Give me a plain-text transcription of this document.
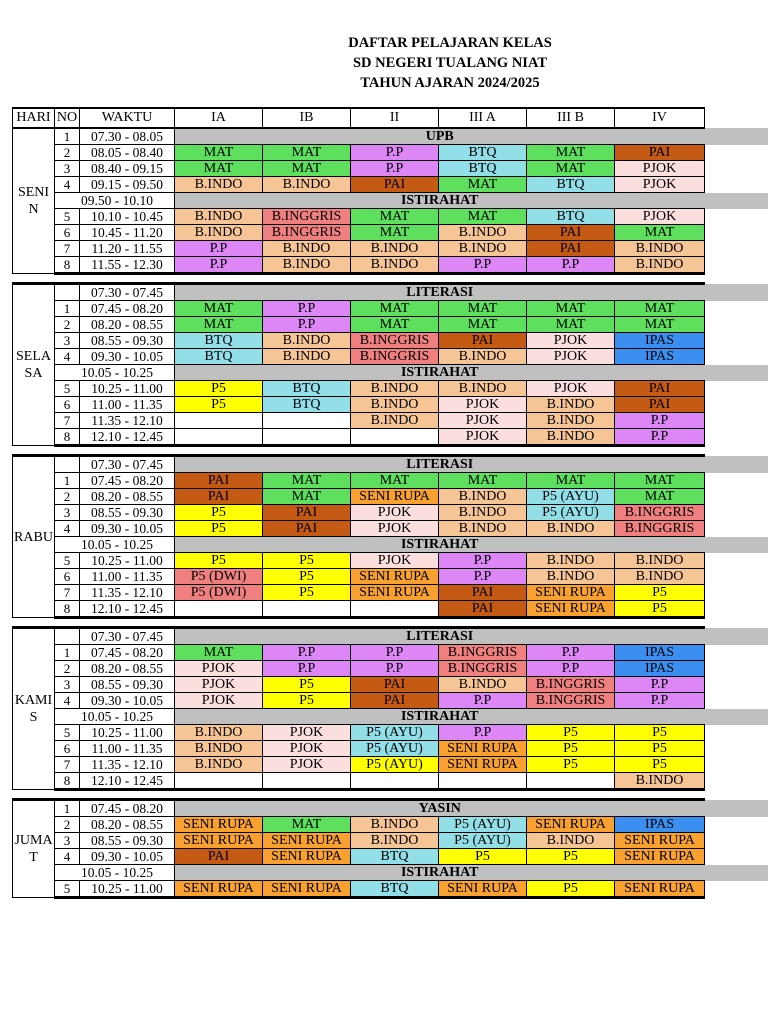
DAFTAR PELAJARAN KELAS
SD NEGERI TUALANG NIAT
TAHUN AJARAN 2024/2025
HARI	NO	WAKTU	IA	IB	II	III A	III B	IV
SENIN	1	07.30 - 08.05	UPB					
	2	08.05 - 08.40	MAT	MAT	P.P	BTQ	MAT	PAI
	3	08.40 - 09.15	MAT	MAT	P.P	BTQ	MAT	PJOK
	4	09.15 - 09.50	B.INDO	B.INDO	PAI	MAT	BTQ	PJOK
	09.50 - 10.10		ISTIRAHAT					
	5	10.10 - 10.45	B.INDO	B.INGGRIS	MAT	MAT	BTQ	PJOK
	6	10.45 - 11.20	B.INDO	B.INGGRIS	MAT	B.INDO	PAI	MAT
	7	11.20 - 11.55	P.P	B.INDO	B.INDO	B.INDO	PAI	B.INDO
	8	11.55 - 12.30	P.P	B.INDO	B.INDO	P.P	P.P	B.INDO

SELASA		07.30 - 07.45	LITERASI					
	1	07.45 - 08.20	MAT	P.P	MAT	MAT	MAT	MAT
	2	08.20 - 08.55	MAT	P.P	MAT	MAT	MAT	MAT
	3	08.55 - 09.30	BTQ	B.INDO	B.INGGRIS	PAI	PJOK	IPAS
	4	09.30 - 10.05	BTQ	B.INDO	B.INGGRIS	B.INDO	PJOK	IPAS
	10.05 - 10.25		ISTIRAHAT					
	5	10.25 - 11.00	P5	BTQ	B.INDO	B.INDO	PJOK	PAI
	6	11.00 - 11.35	P5	BTQ	B.INDO	PJOK	B.INDO	PAI
	7	11.35 - 12.10			B.INDO	PJOK	B.INDO	P.P
	8	12.10 - 12.45				PJOK	B.INDO	P.P

RABU		07.30 - 07.45	LITERASI					
	1	07.45 - 08.20	PAI	MAT	MAT	MAT	MAT	MAT
	2	08.20 - 08.55	PAI	MAT	SENI RUPA	B.INDO	P5 (AYU)	MAT
	3	08.55 - 09.30	P5	PAI	PJOK	B.INDO	P5 (AYU)	B.INGGRIS
	4	09.30 - 10.05	P5	PAI	PJOK	B.INDO	B.INDO	B.INGGRIS
	10.05 - 10.25		ISTIRAHAT					
	5	10.25 - 11.00	P5	P5	PJOK	P.P	B.INDO	B.INDO
	6	11.00 - 11.35	P5 (DWI)	P5	SENI RUPA	P.P	B.INDO	B.INDO
	7	11.35 - 12.10	P5 (DWI)	P5	SENI RUPA	PAI	SENI RUPA	P5
	8	12.10 - 12.45				PAI	SENI RUPA	P5

KAMIS		07.30 - 07.45	LITERASI					
	1	07.45 - 08.20	MAT	P.P	P.P	B.INGGRIS	P.P	IPAS
	2	08.20 - 08.55	PJOK	P.P	P.P	B.INGGRIS	P.P	IPAS
	3	08.55 - 09.30	PJOK	P5	PAI	B.INDO	B.INGGRIS	P.P
	4	09.30 - 10.05	PJOK	P5	PAI	P.P	B.INGGRIS	P.P
	10.05 - 10.25		ISTIRAHAT					
	5	10.25 - 11.00	B.INDO	PJOK	P5 (AYU)	P.P	P5	P5
	6	11.00 - 11.35	B.INDO	PJOK	P5 (AYU)	SENI RUPA	P5	P5
	7	11.35 - 12.10	B.INDO	PJOK	P5 (AYU)	SENI RUPA	P5	P5
	8	12.10 - 12.45						B.INDO

JUMAT	1	07.45 - 08.20	YASIN					
	2	08.20 - 08.55	SENI RUPA	MAT	B.INDO	P5 (AYU)	SENI RUPA	IPAS
	3	08.55 - 09.30	SENI RUPA	SENI RUPA	B.INDO	P5 (AYU)	B.INDO	SENI RUPA
	4	09.30 - 10.05	PAI	SENI RUPA	BTQ	P5	P5	SENI RUPA
	10.05 - 10.25		ISTIRAHAT					
	5	10.25 - 11.00	SENI RUPA	SENI RUPA	BTQ	SENI RUPA	P5	SENI RUPA
